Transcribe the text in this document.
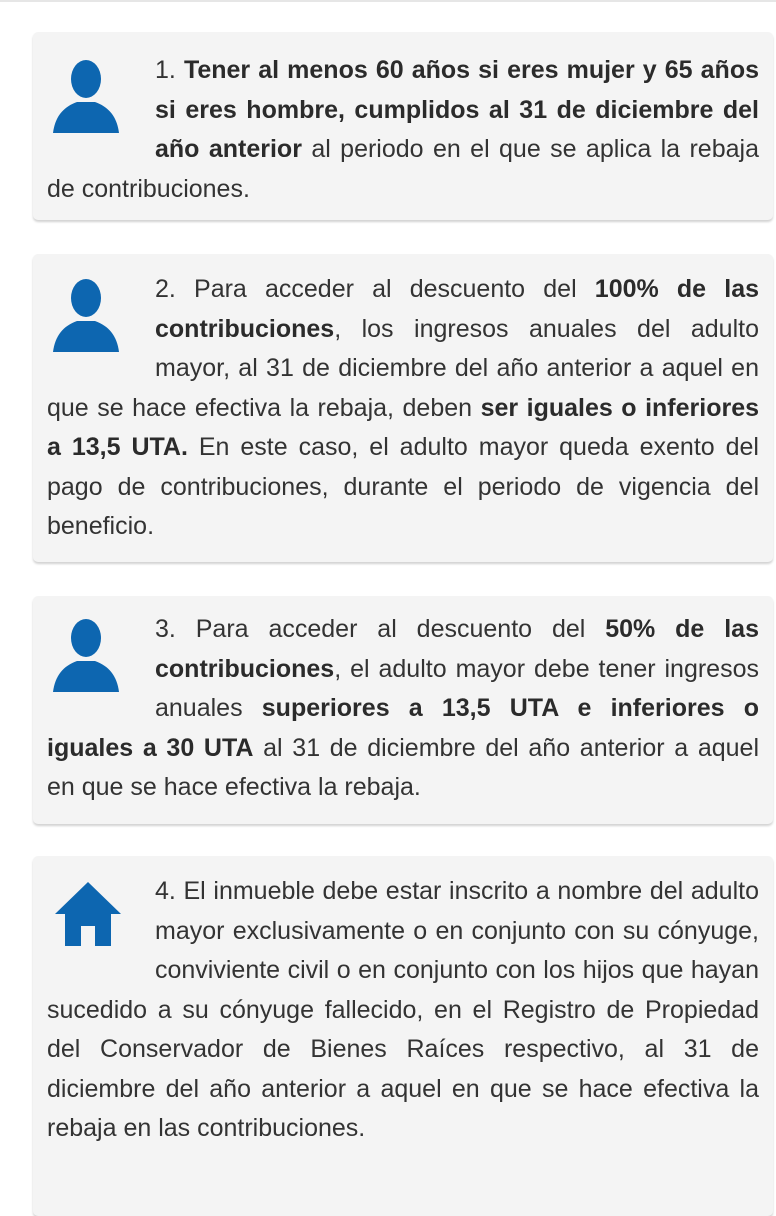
1. Tener al menos 60 años si eres mujer y 65 años si eres hombre, cumplidos al 31 de diciembre del año anterior al periodo en el que se aplica la rebaja de contribuciones.

2. Para acceder al descuento del 100% de las contribuciones, los ingresos anuales del adulto mayor, al 31 de diciembre del año anterior a aquel en que se hace efectiva la rebaja, deben ser iguales o inferiores a 13,5 UTA. En este caso, el adulto mayor queda exento del pago de contribuciones, durante el periodo de vigencia del beneficio.

3. Para acceder al descuento del 50% de las contribuciones, el adulto mayor debe tener ingresos anuales superiores a 13,5 UTA e inferiores o iguales a 30 UTA al 31 de diciembre del año anterior a aquel en que se hace efectiva la rebaja.

4. El inmueble debe estar inscrito a nombre del adulto mayor exclusivamente o en conjunto con su cónyuge, conviviente civil o en conjunto con los hijos que hayan sucedido a su cónyuge fallecido, en el Registro de Propiedad del Conservador de Bienes Raíces respectivo, al 31 de diciembre del año anterior a aquel en que se hace efectiva la rebaja en las contribuciones.
